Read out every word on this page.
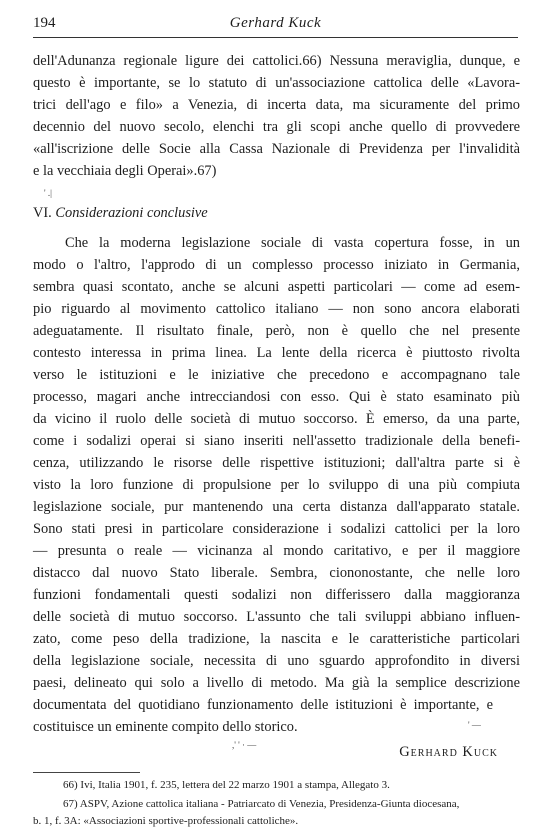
194	Gerhard Kuck
dell'Adunanza regionale ligure dei cattolici.66) Nessuna meraviglia, dunque, e
questo è importante, se lo statuto di un'associazione cattolica delle «Lavora-
trici dell'ago e filo» a Venezia, di incerta data, ma sicuramente del primo
decennio del nuovo secolo, elenchi tra gli scopi anche quello di provvedere
«all'iscrizione delle Socie alla Cassa Nazionale di Previdenza per l'invalidità
e la vecchiaia degli Operai».67)
' .|
VI. Considerazioni conclusive
Che la moderna legislazione sociale di vasta copertura fosse, in un
modo o l'altro, l'approdo di un complesso processo iniziato in Germania,
sembra quasi scontato, anche se alcuni aspetti particolari — come ad esem-
pio riguardo al movimento cattolico italiano — non sono ancora elaborati
adeguatamente. Il risultato finale, però, non è quello che nel presente
contesto interessa in prima linea. La lente della ricerca è piuttosto rivolta
verso le istituzioni e le iniziative che precedono e accompagnano tale
processo, magari anche intrecciandosi con esso. Qui è stato esaminato più
da vicino il ruolo delle società di mutuo soccorso. È emerso, da una parte,
come i sodalizi operai si siano inseriti nell'assetto tradizionale della benefi-
cenza, utilizzando le risorse delle rispettive istituzioni; dall'altra parte si è
visto la loro funzione di propulsione per lo sviluppo di una più compiuta
legislazione sociale, pur mantenendo una certa distanza dall'apparato statale.
Sono stati presi in particolare considerazione i sodalizi cattolici per la loro
— presunta o reale — vicinanza al mondo caritativo, e per il maggiore
distacco dal nuovo Stato liberale. Sembra, ciononostante, che nelle loro
funzioni fondamentali questi sodalizi non differissero dalla maggioranza
delle società di mutuo soccorso. L'assunto che tali sviluppi abbiano influen-
zato, come peso della tradizione, la nascita e le caratteristiche particolari
della legislazione sociale, necessita di uno sguardo approfondito in diversi
paesi, delineato qui solo a livello di metodo. Ma già la semplice descrizione
documentata del quotidiano funzionamento delle istituzioni è importante, e
costituisce un eminente compito dello storico.	' —
,' ' · —	Gerhard Kuck
66) Ivi, Italia 1901, f. 235, lettera del 22 marzo 1901 a stampa, Allegato 3.
67) ASPV, Azione cattolica italiana - Patriarcato di Venezia, Presidenza-Giunta diocesana,
b. 1, f. 3A: «Associazioni sportive-professionali cattoliche».
